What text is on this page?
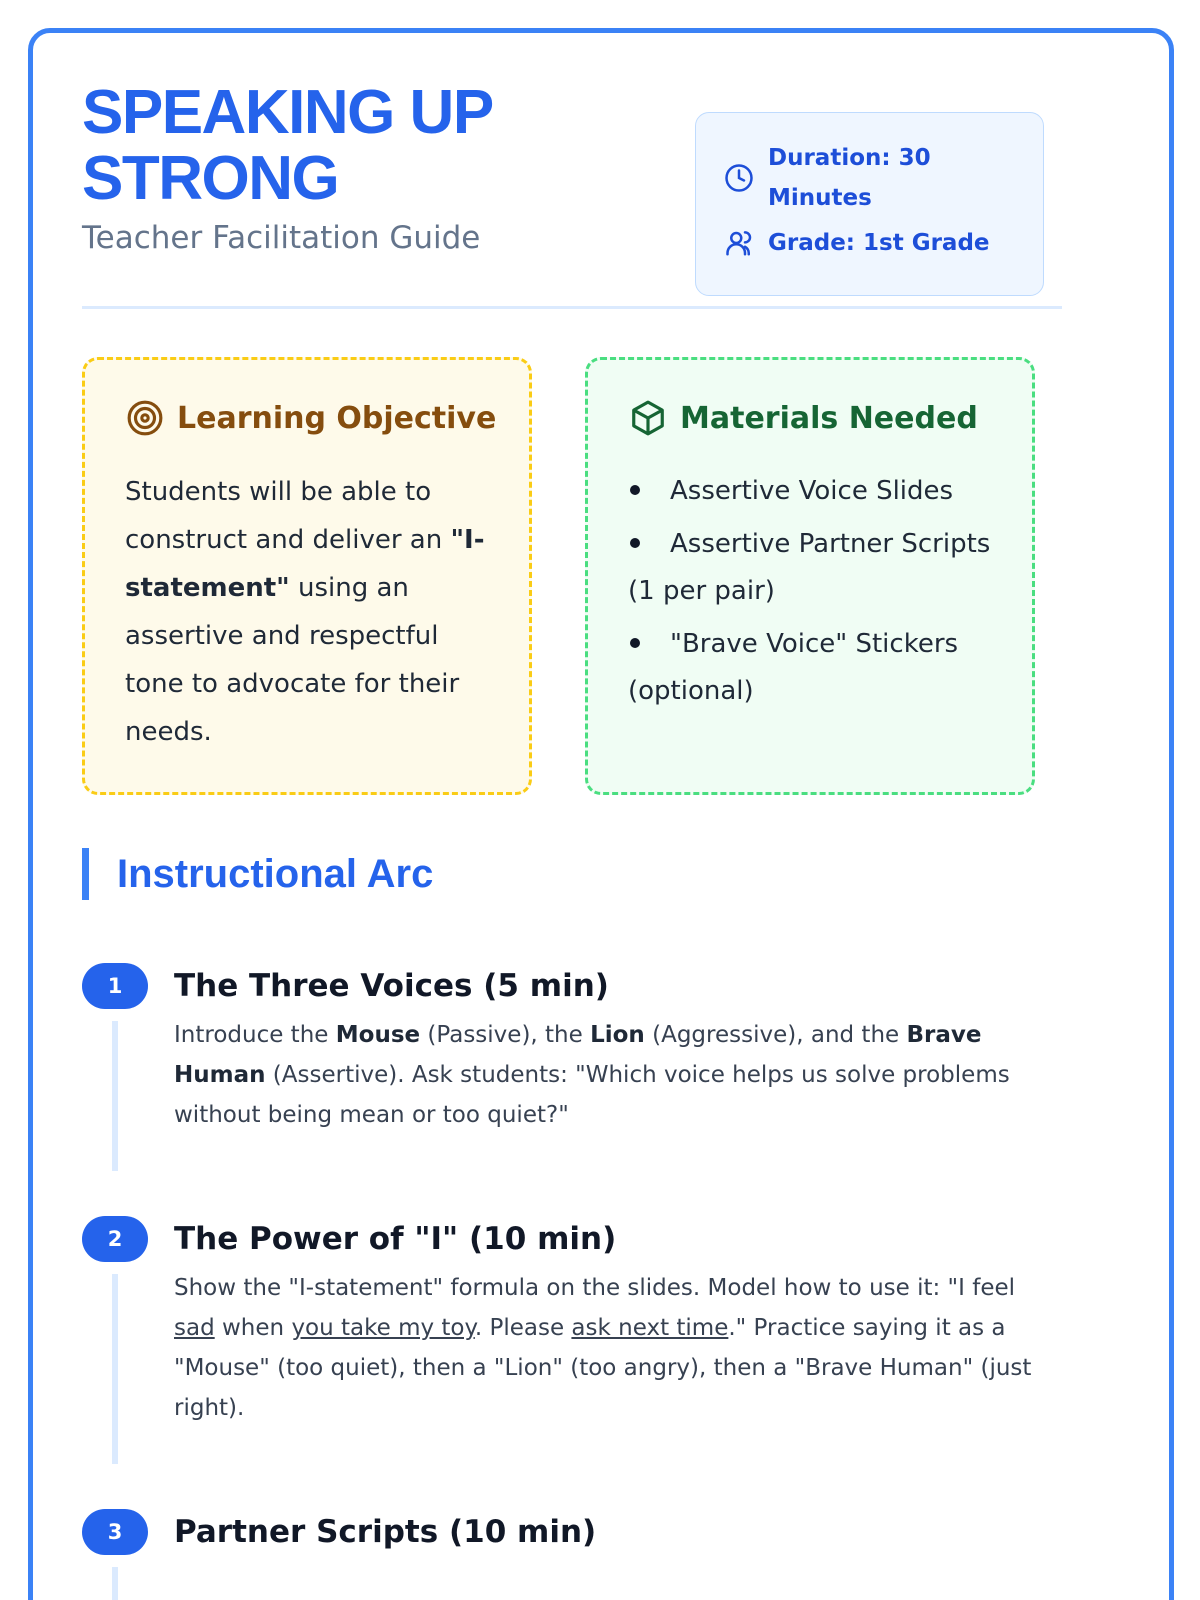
SPEAKING UP STRONG
Teacher Facilitation Guide
Duration: 30 Minutes
Grade: 1st Grade
Learning Objective

Students will be able to construct and deliver an "I-statement" using an assertive and respectful tone to advocate for their needs.

Materials Needed
Assertive Voice Slides
Assertive Partner Scripts (1 per pair)
"Brave Voice" Stickers (optional)
Instructional Arc
1	The Three Voices (5 min)

Introduce the Mouse (Passive), the Lion (Aggressive), and the Brave Human (Assertive). Ask students: "Which voice helps us solve problems without being mean or too quiet?"

2	The Power of "I" (10 min)

Show the "I-statement" formula on the slides. Model how to use it: "I feel sad when you take my toy. Please ask next time." Practice saying it as a "Mouse" (too quiet), then a "Lion" (too angry), then a "Brave Human" (just right).

3	Partner Scripts (10 min)
